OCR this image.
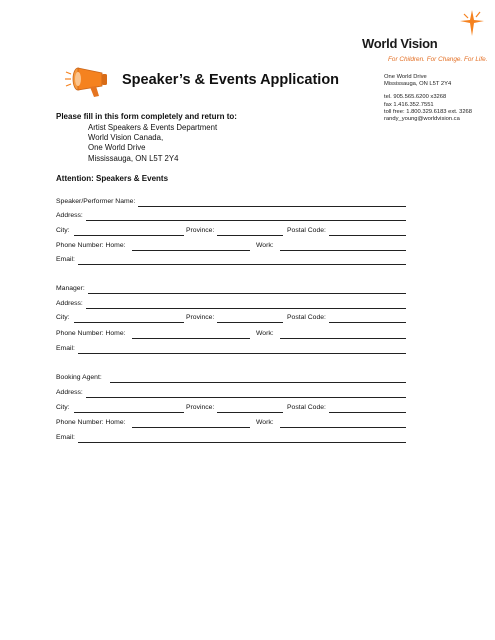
World Vision
For Children. For Change. For Life.
Speaker’s & Events Application	One World Drive
Mississauga, ON L5T 2Y4
tel. 905.565.6200 x3268
fax 1.416.352.7551
toll free: 1.800.329.6183 ext. 3268
randy_young@worldvision.ca
Please fill in this form completely and return to:
Artist Speakers & Events Department
World Vision Canada,
One World Drive
Mississauga, ON L5T 2Y4
Attention: Speakers & Events
Speaker/Performer Name:
Address:
City:	Province:	Postal Code:
Phone Number: Home:	Work:
Email:
Manager:
Address:
City:	Province:	Postal Code:
Phone Number: Home:	Work:
Email:
Booking Agent:
Address:
City:	Province:	Postal Code:
Phone Number: Home:	Work:
Email:
